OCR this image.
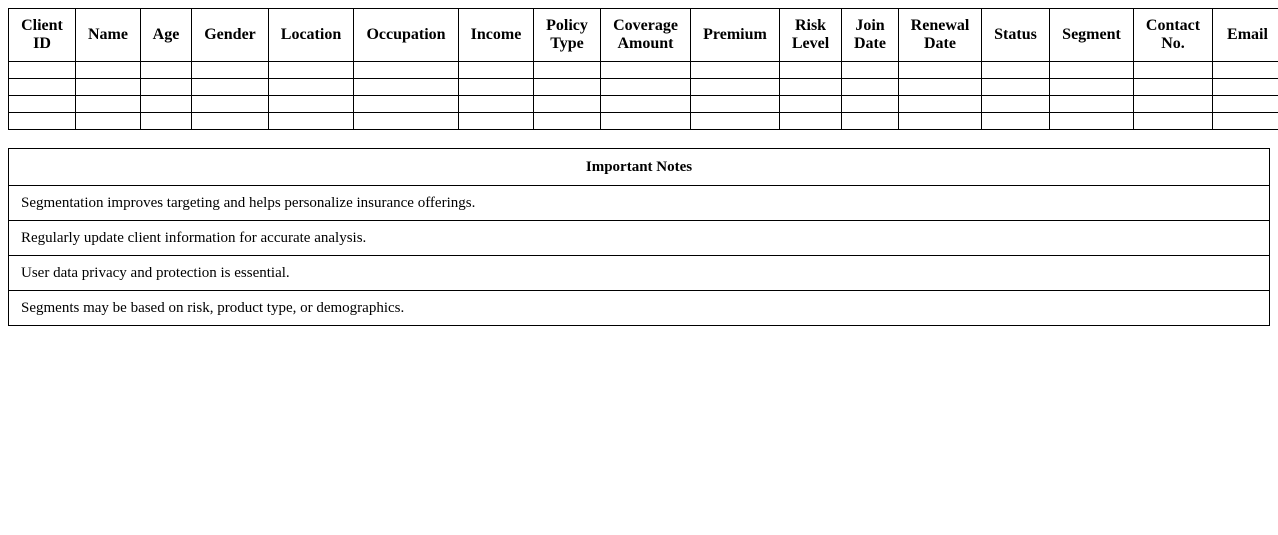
Client ID	Name	Age	Gender	Location	Occupation	Income	Policy Type	Coverage Amount	Premium	Risk Level	Join Date	Renewal Date	Status	Segment	Contact No.	Email

Important Notes
Segmentation improves targeting and helps personalize insurance offerings.
Regularly update client information for accurate analysis.
User data privacy and protection is essential.
Segments may be based on risk, product type, or demographics.
